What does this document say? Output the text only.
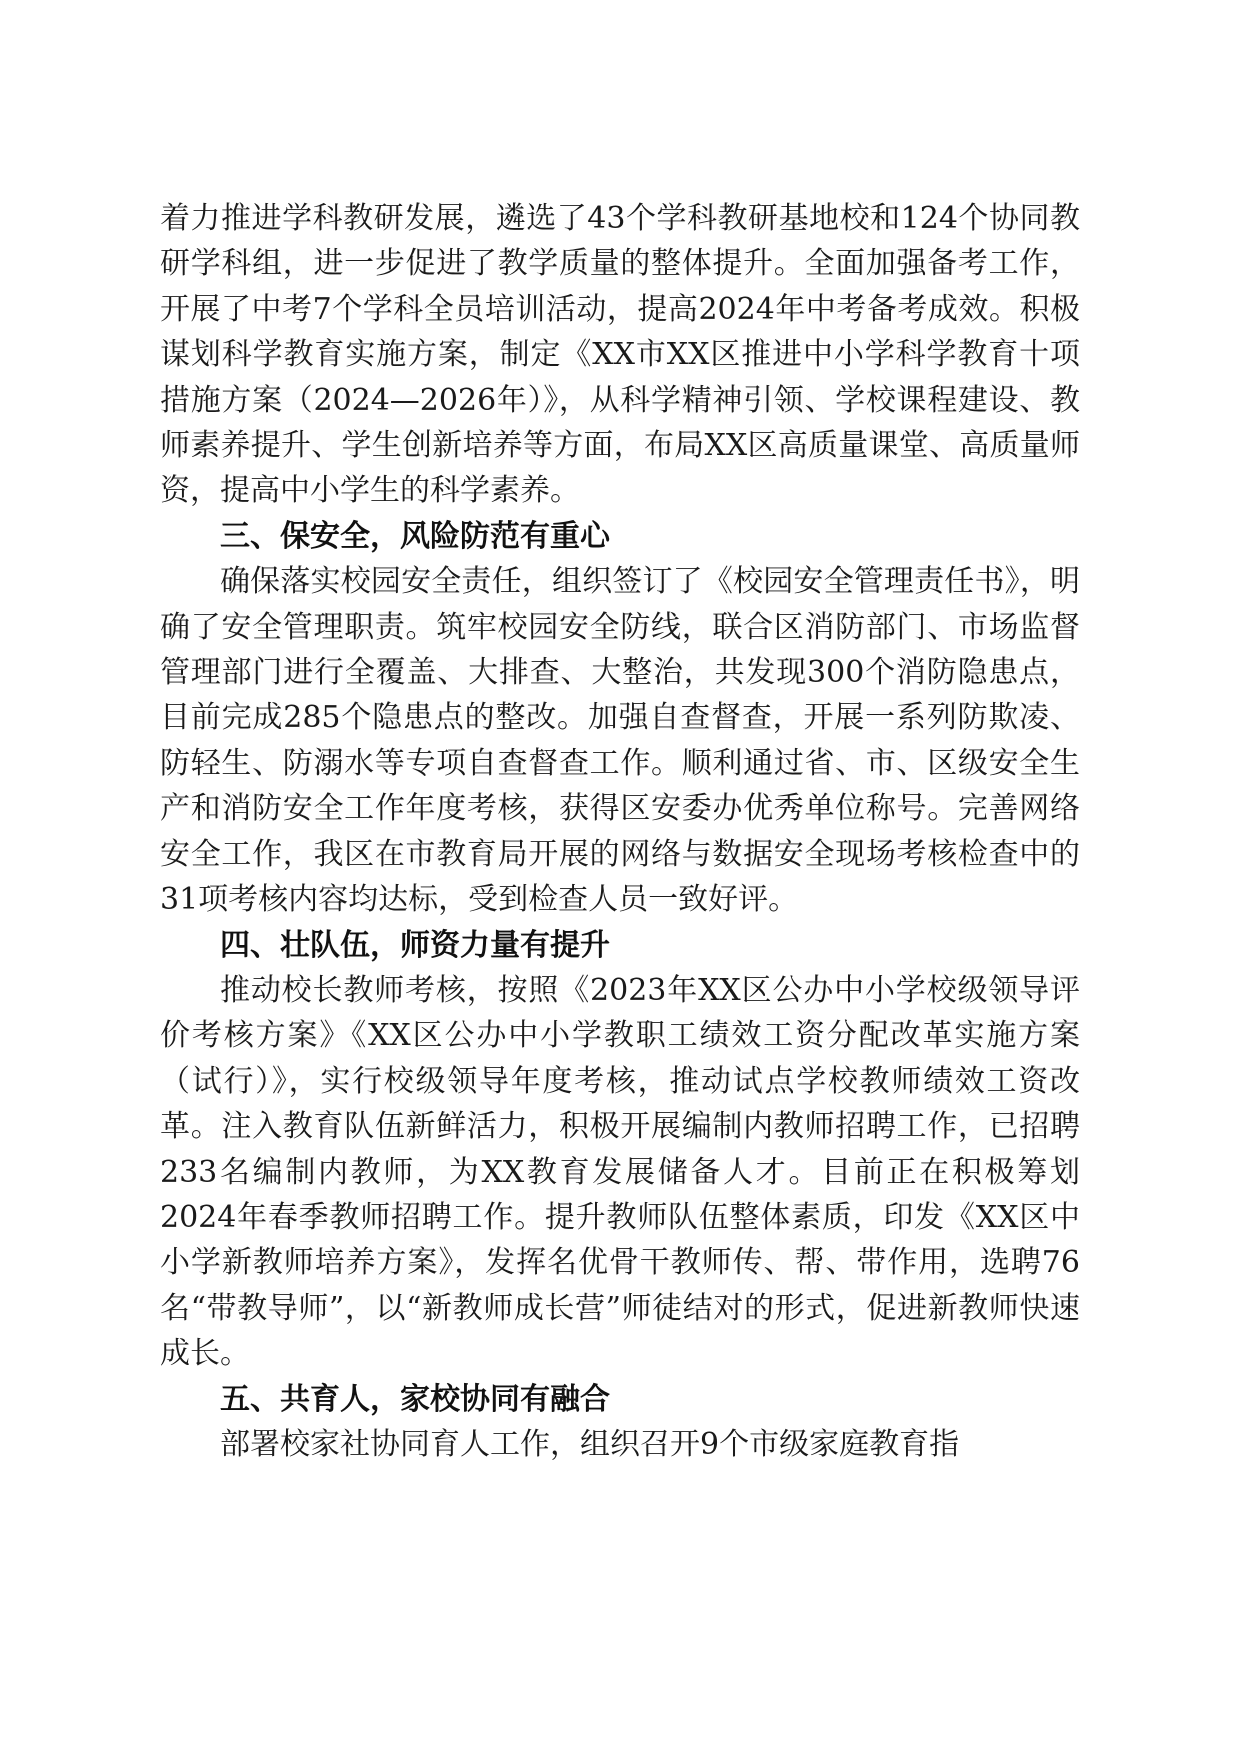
着力推进学科教研发展，遴选了43个学科教研基地校和124个协同教研学科组，进一步促进了教学质量的整体提升。全面加强备考工作，开展了中考7个学科全员培训活动，提高2024年中考备考成效。积极谋划科学教育实施方案，制定《XX市XX区推进中小学科学教育十项措施方案（2024—2026年）》，从科学精神引领、学校课程建设、教师素养提升、学生创新培养等方面，布局XX区高质量课堂、高质量师资，提高中小学生的科学素养。

三、保安全，风险防范有重心

确保落实校园安全责任，组织签订了《校园安全管理责任书》，明确了安全管理职责。筑牢校园安全防线，联合区消防部门、市场监督管理部门进行全覆盖、大排查、大整治，共发现300个消防隐患点，目前完成285个隐患点的整改。加强自查督查，开展一系列防欺凌、防轻生、防溺水等专项自查督查工作。顺利通过省、市、区级安全生产和消防安全工作年度考核，获得区安委办优秀单位称号。完善网络安全工作，我区在市教育局开展的网络与数据安全现场考核检查中的31项考核内容均达标，受到检查人员一致好评。

四、壮队伍，师资力量有提升

推动校长教师考核，按照《2023年XX区公办中小学校级领导评价考核方案》《XX区公办中小学教职工绩效工资分配改革实施方案（试行）》，实行校级领导年度考核，推动试点学校教师绩效工资改革。注入教育队伍新鲜活力，积极开展编制内教师招聘工作，已招聘233名编制内教师，为XX教育发展储备人才。目前正在积极筹划2024年春季教师招聘工作。提升教师队伍整体素质，印发《XX区中小学新教师培养方案》，发挥名优骨干教师传、帮、带作用，选聘76名“带教导师”，以“新教师成长营”师徒结对的形式，促进新教师快速成长。

五、共育人，家校协同有融合

部署校家社协同育人工作，组织召开9个市级家庭教育指
